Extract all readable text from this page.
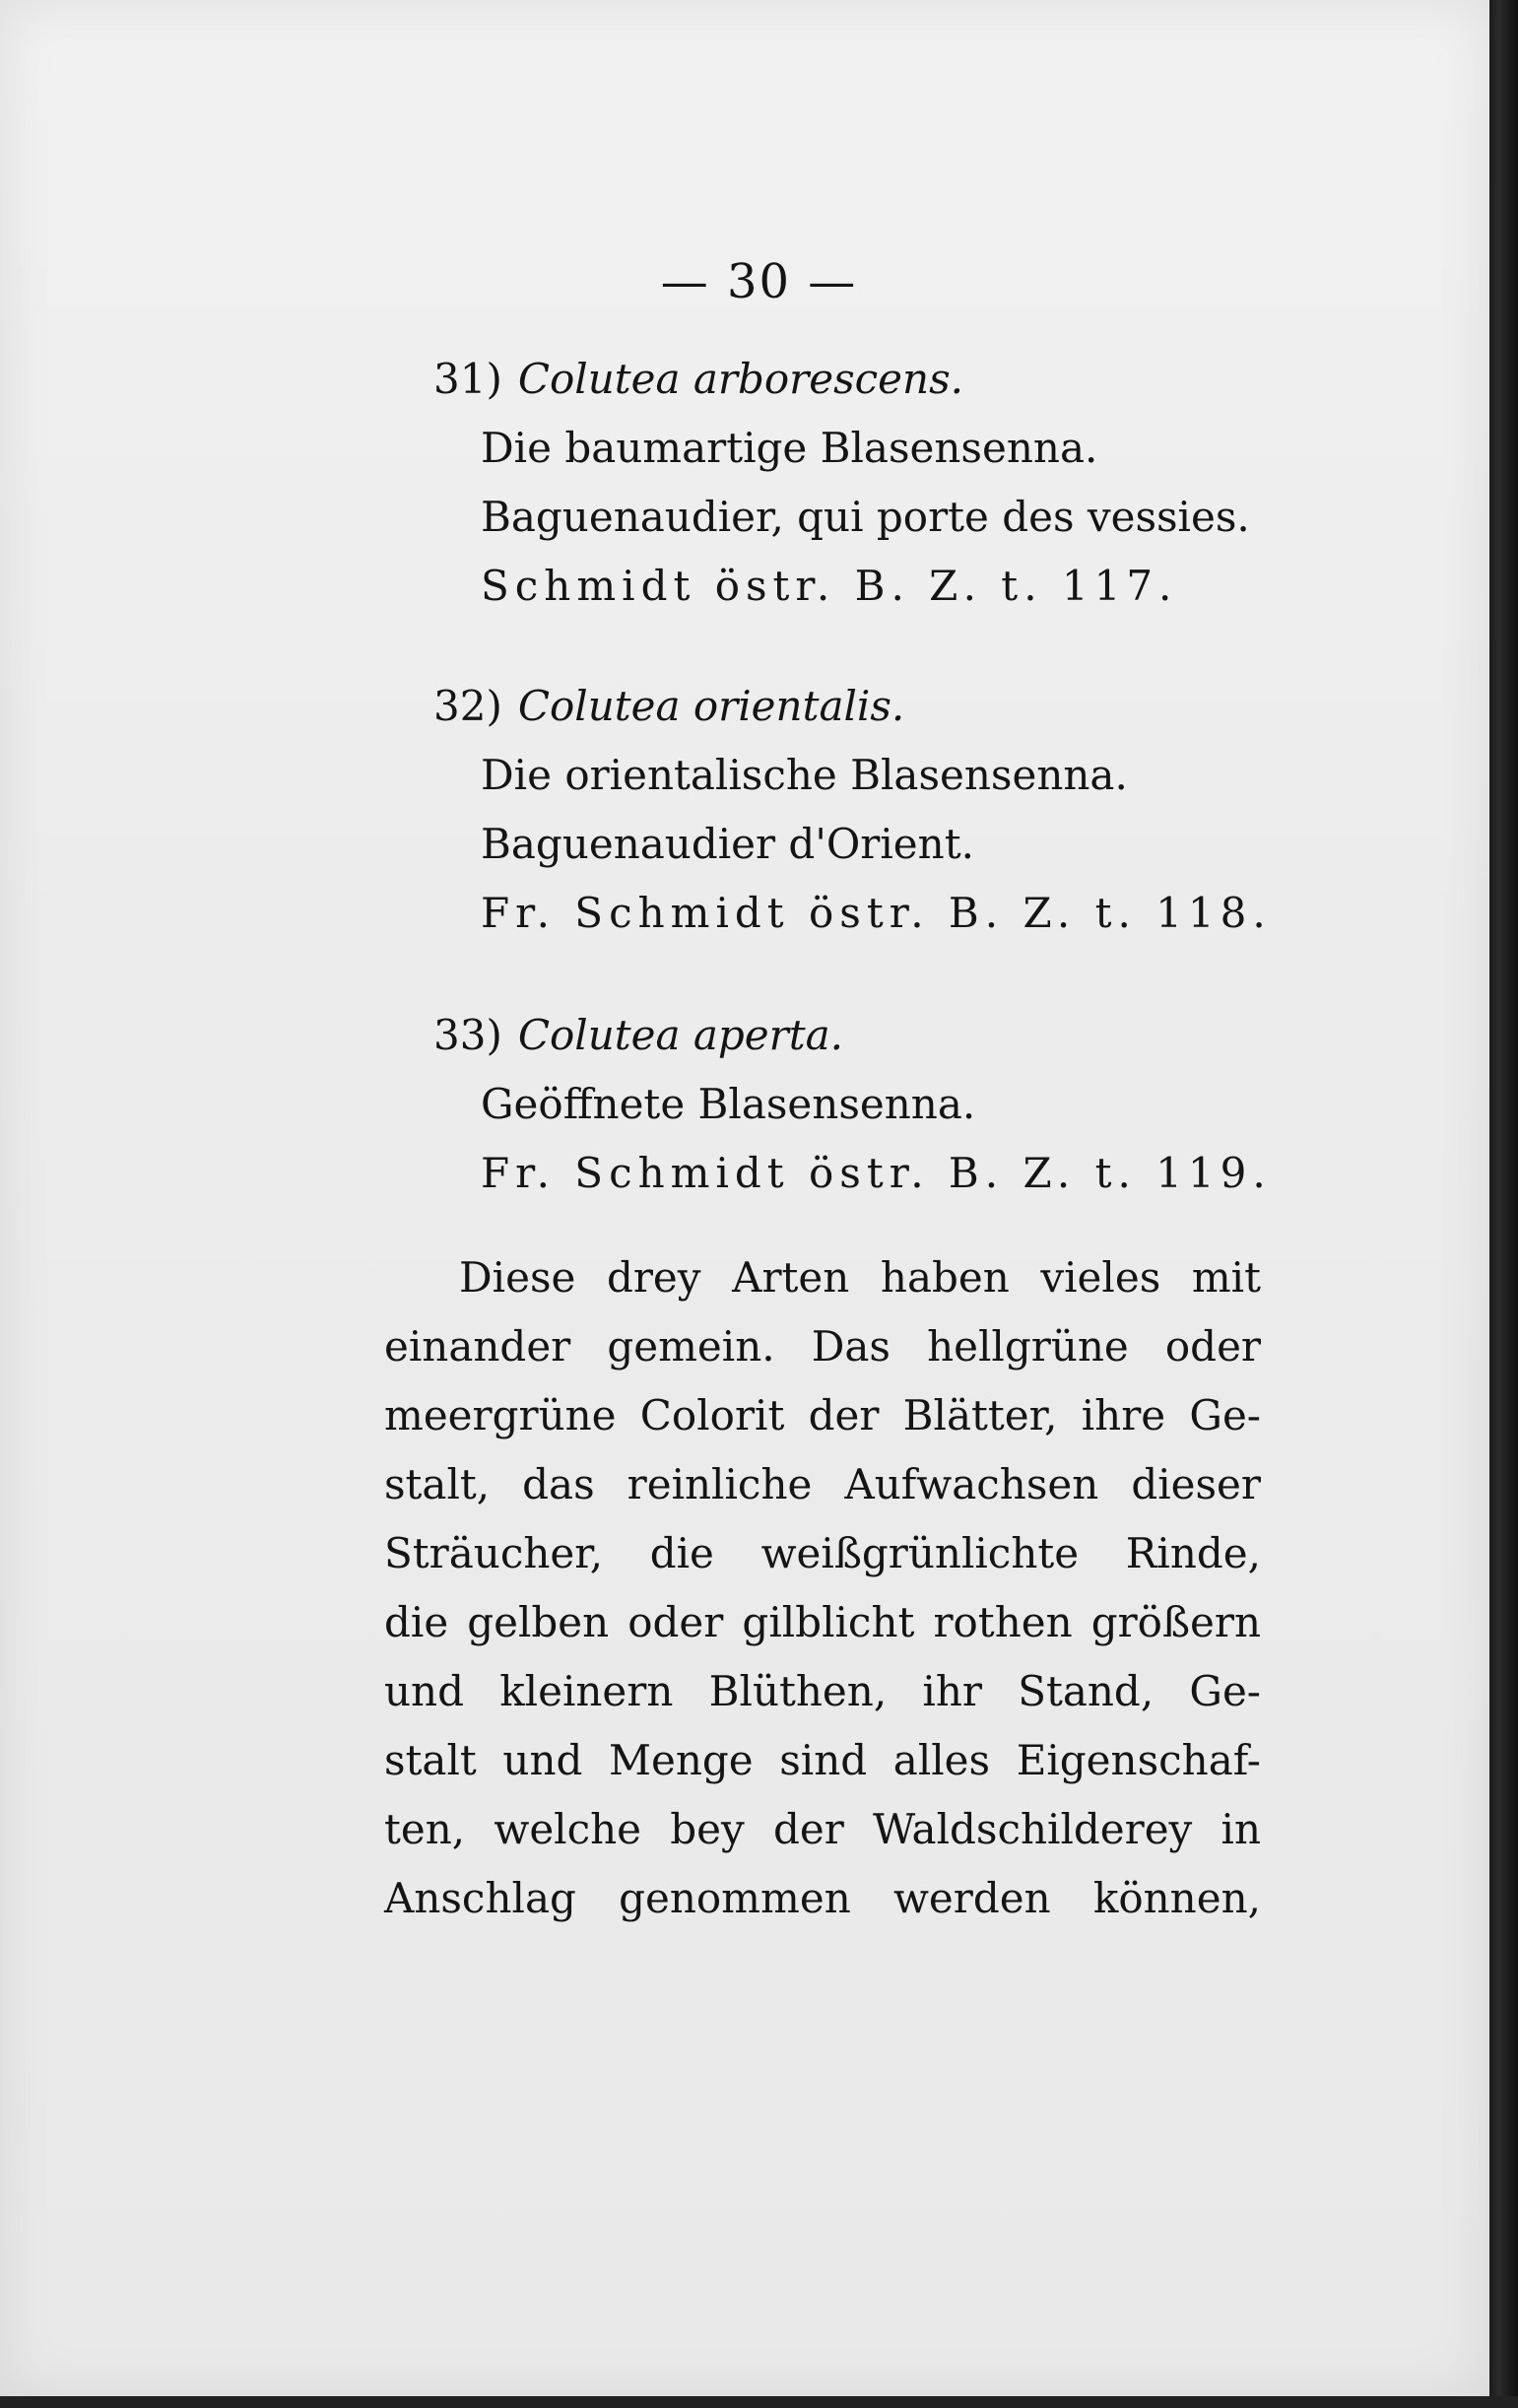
— 30 —
31) Colutea arborescens.
Die baumartige Blasensenna.
Baguenaudier, qui porte des vessies.
Schmidt östr. B. Z. t. 117.
32) Colutea orientalis.
Die orientalische Blasensenna.
Baguenaudier d'Orient.
Fr. Schmidt östr. B. Z. t. 118.
33) Colutea aperta.
Geöffnete Blasensenna.
Fr. Schmidt östr. B. Z. t. 119.
Diese drey Arten haben vieles mit
einander gemein. Das hellgrüne oder
meergrüne Colorit der Blätter, ihre Ge-
stalt, das reinliche Aufwachsen dieser
Sträucher, die weißgrünlichte Rinde,
die gelben oder gilblicht rothen größern
und kleinern Blüthen, ihr Stand, Ge-
stalt und Menge sind alles Eigenschaf-
ten, welche bey der Waldschilderey in
Anschlag genommen werden können,
